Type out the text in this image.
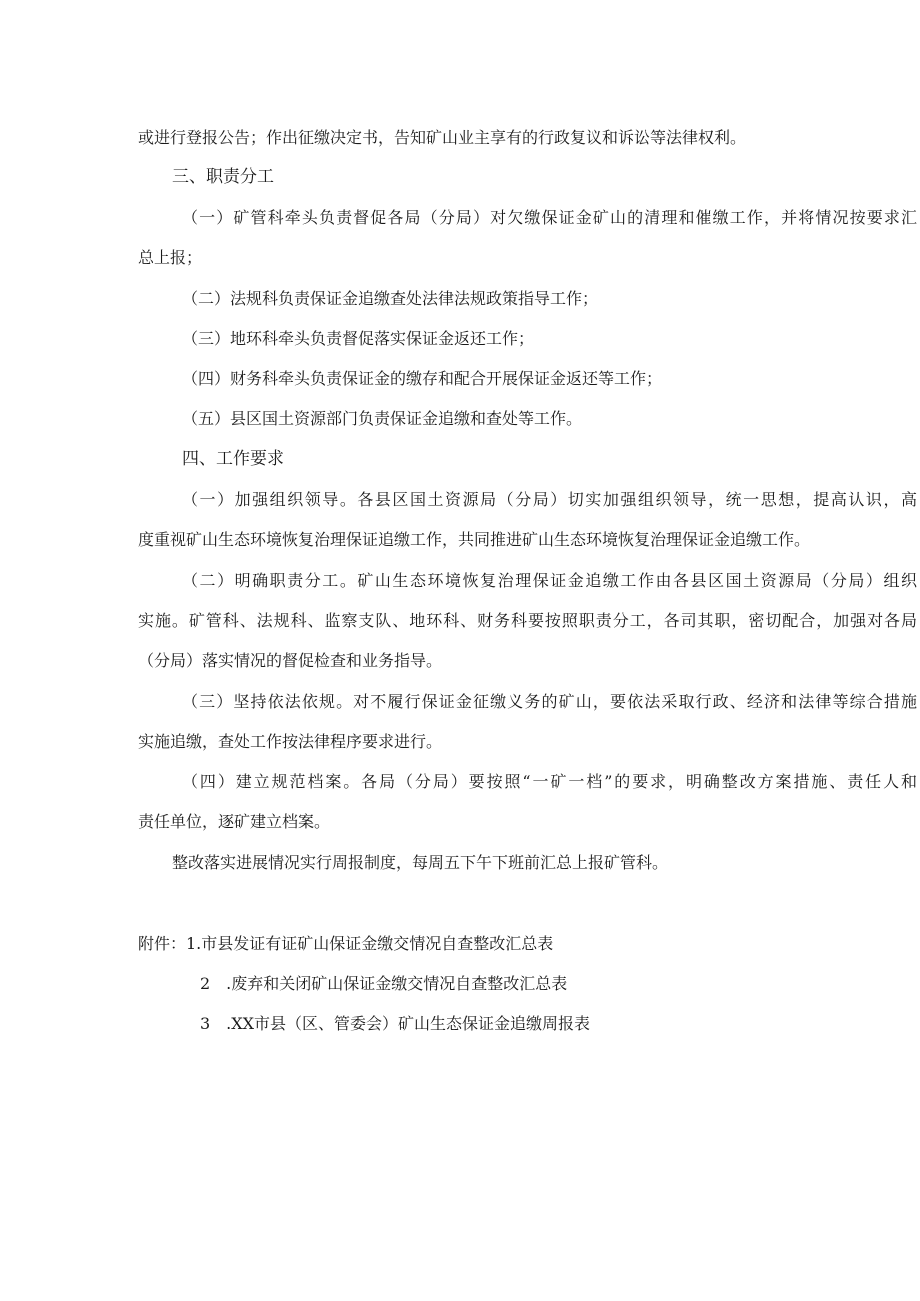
或进行登报公告；作出征缴决定书，告知矿山业主享有的行政复议和诉讼等法律权利。
三、职责分工
（一）矿管科牵头负责督促各局（分局）对欠缴保证金矿山的清理和催缴工作，并将情况按要求汇
总上报；
（二）法规科负责保证金追缴查处法律法规政策指导工作；
（三）地环科牵头负责督促落实保证金返还工作；
（四）财务科牵头负责保证金的缴存和配合开展保证金返还等工作；
（五）县区国土资源部门负责保证金追缴和查处等工作。
四、工作要求
（一）加强组织领导。各县区国土资源局（分局）切实加强组织领导，统一思想，提高认识，高
度重视矿山生态环境恢复治理保证追缴工作，共同推进矿山生态环境恢复治理保证金追缴工作。
（二）明确职责分工。矿山生态环境恢复治理保证金追缴工作由各县区国土资源局（分局）组织
实施。矿管科、法规科、监察支队、地环科、财务科要按照职责分工，各司其职，密切配合，加强对各局
（分局）落实情况的督促检查和业务指导。
（三）坚持依法依规。对不履行保证金征缴义务的矿山，要依法采取行政、经济和法律等综合措施
实施追缴，查处工作按法律程序要求进行。
（四）建立规范档案。各局（分局）要按照“一矿一档”的要求，明确整改方案措施、责任人和
责任单位，逐矿建立档案。
整改落实进展情况实行周报制度，每周五下午下班前汇总上报矿管科。
附件：1.市县发证有证矿山保证金缴交情况自查整改汇总表
2　.废弃和关闭矿山保证金缴交情况自查整改汇总表
3　.XX市县（区、管委会）矿山生态保证金追缴周报表
